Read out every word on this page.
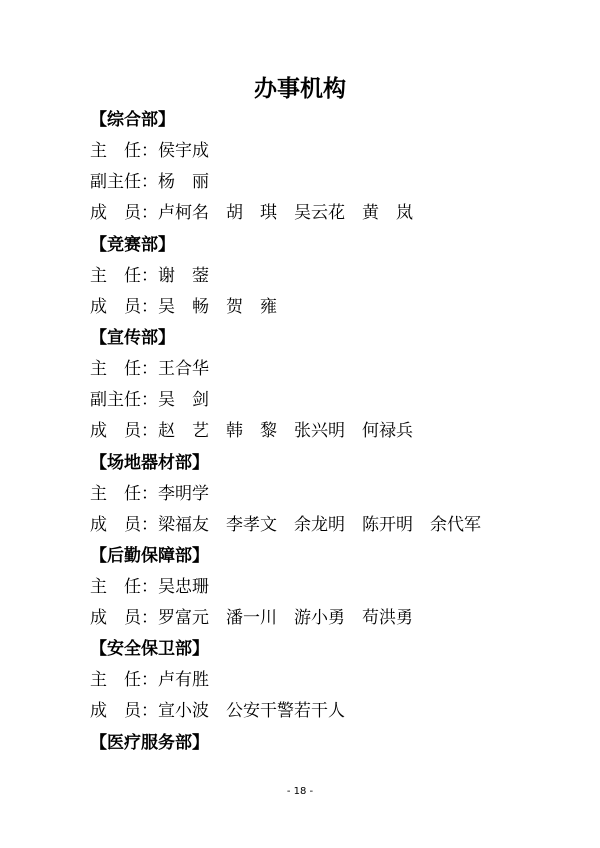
办事机构
【综合部】
主　任：侯宇成
副主任：杨　丽
成　员：卢柯名　胡　琪　吴云花　黄　岚
【竞赛部】
主　任：谢　蓥
成　员：吴　畅　贺　雍
【宣传部】
主　任：王合华
副主任：吴　剑
成　员：赵　艺　韩　黎　张兴明　何禄兵
【场地器材部】
主　任：李明学
成　员：梁福友　李孝文　余龙明　陈开明　余代军
【后勤保障部】
主　任：吴忠珊
成　员：罗富元　潘一川　游小勇　苟洪勇
【安全保卫部】
主　任：卢有胜
成　员：宣小波　公安干警若干人
【医疗服务部】
- 18 -
